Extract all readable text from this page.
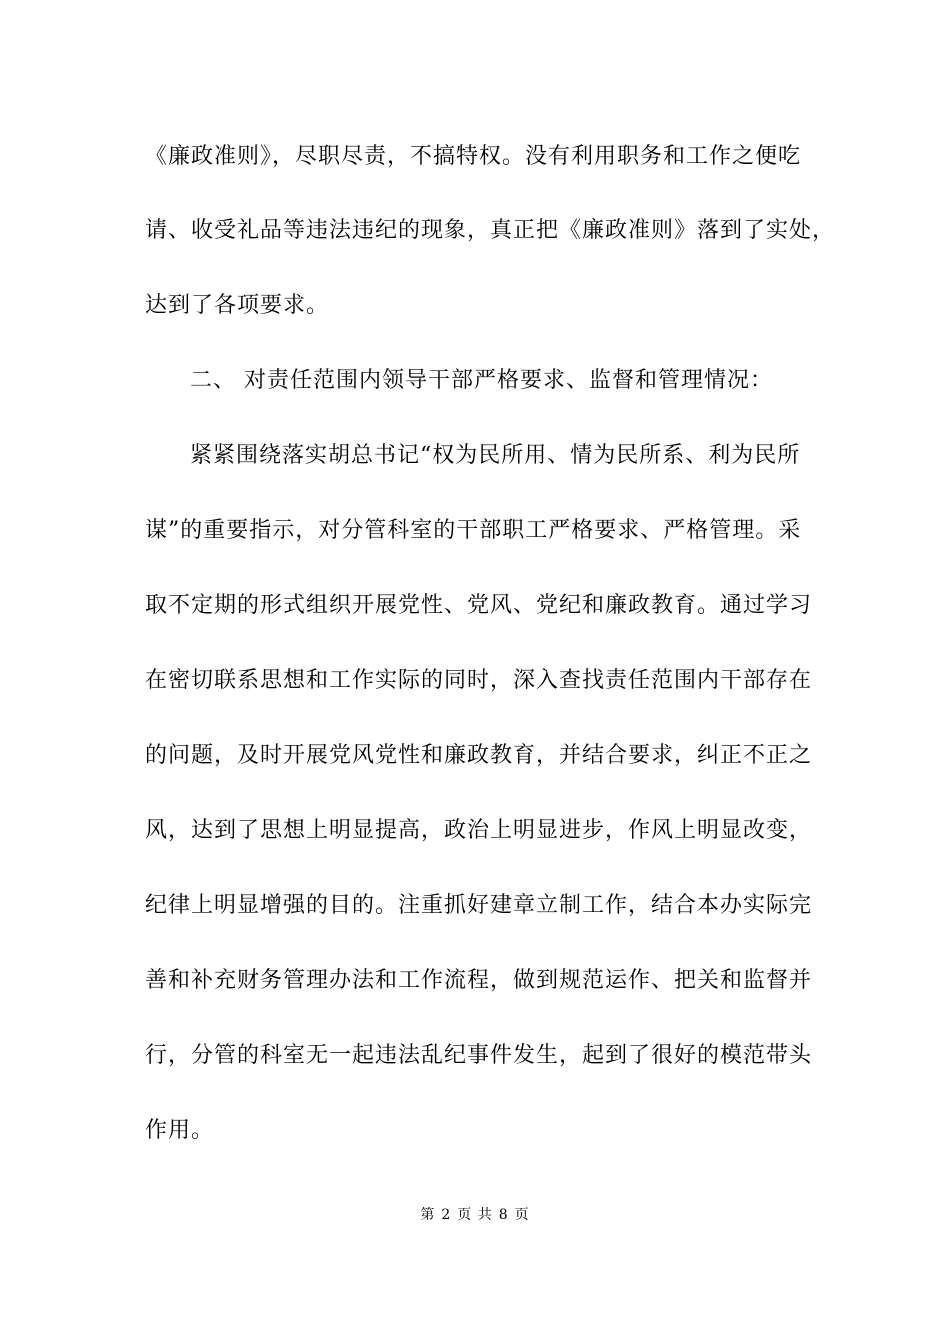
《廉政准则》，尽职尽责，不搞特权。没有利用职务和工作之便吃
请、收受礼品等违法违纪的现象，真正把《廉政准则》落到了实处，
达到了各项要求。
二、 对责任范围内领导干部严格要求、监督和管理情况：
紧紧围绕落实胡总书记“权为民所用、情为民所系、利为民所
谋”的重要指示，对分管科室的干部职工严格要求、严格管理。采
取不定期的形式组织开展党性、党风、党纪和廉政教育。通过学习
在密切联系思想和工作实际的同时，深入查找责任范围内干部存在
的问题，及时开展党风党性和廉政教育，并结合要求，纠正不正之
风，达到了思想上明显提高，政治上明显进步，作风上明显改变，
纪律上明显增强的目的。注重抓好建章立制工作，结合本办实际完
善和补充财务管理办法和工作流程，做到规范运作、把关和监督并
行，分管的科室无一起违法乱纪事件发生，起到了很好的模范带头
作用。
第 2 页 共 8 页
